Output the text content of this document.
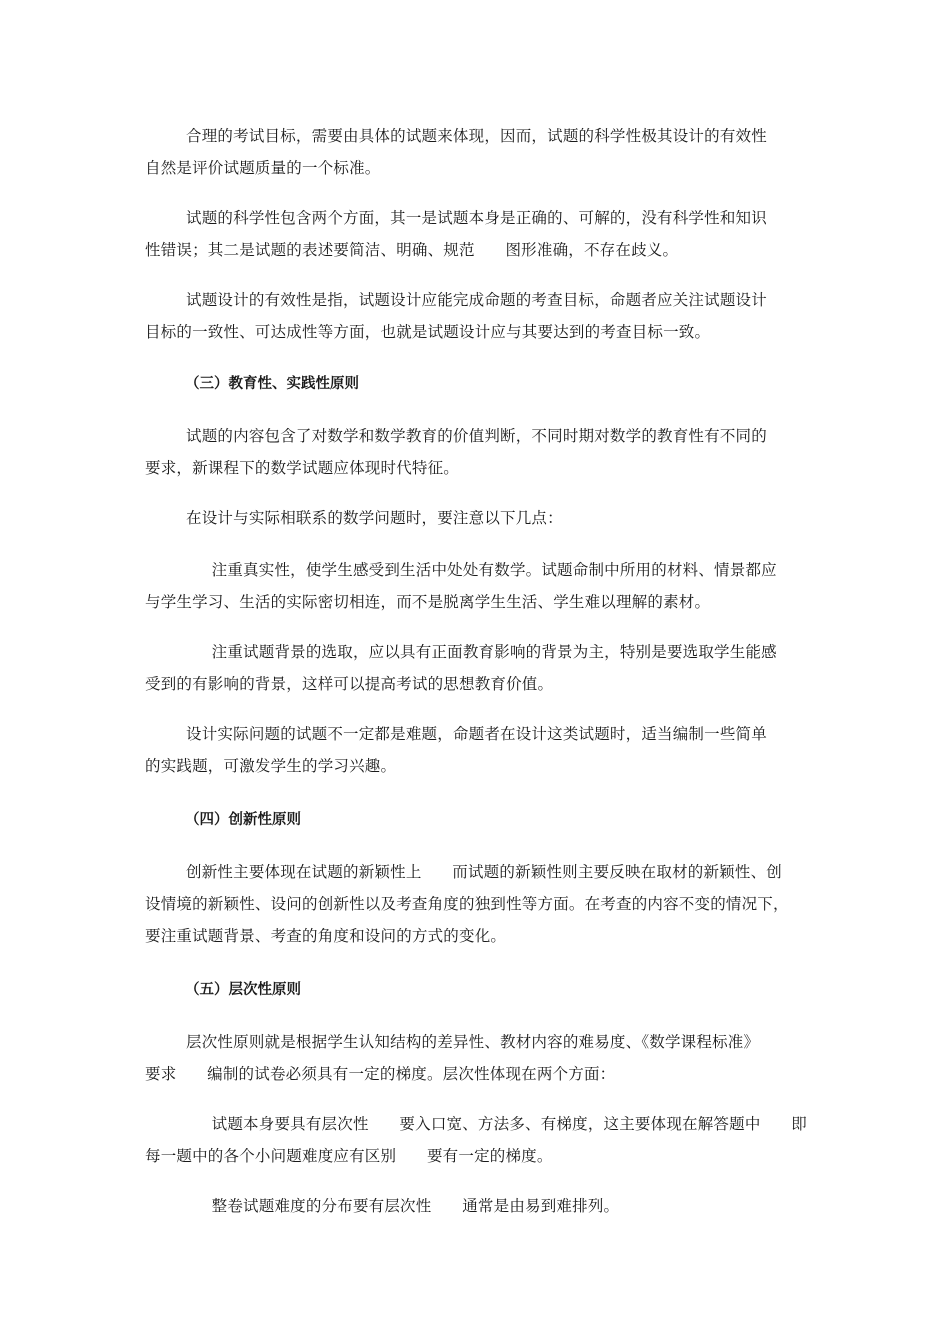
合理的考试目标，需要由具体的试题来体现，因而，试题的科学性极其设计的有效性
自然是评价试题质量的一个标准。

试题的科学性包含两个方面，其一是试题本身是正确的、可解的，没有科学性和知识
性错误；其二是试题的表述要简洁、明确、规范      图形准确，不存在歧义。

试题设计的有效性是指，试题设计应能完成命题的考查目标，命题者应关注试题设计
目标的一致性、可达成性等方面，也就是试题设计应与其要达到的考查目标一致。

（三）教育性、实践性原则

试题的内容包含了对数学和数学教育的价值判断，不同时期对数学的教育性有不同的
要求，新课程下的数学试题应体现时代特征。

在设计与实际相联系的数学问题时，要注意以下几点：

注重真实性，使学生感受到生活中处处有数学。试题命制中所用的材料、情景都应
与学生学习、生活的实际密切相连，而不是脱离学生生活、学生难以理解的素材。

注重试题背景的选取，应以具有正面教育影响的背景为主，特别是要选取学生能感
受到的有影响的背景，这样可以提高考试的思想教育价值。

设计实际问题的试题不一定都是难题，命题者在设计这类试题时，适当编制一些简单
的实践题，可激发学生的学习兴趣。

（四）创新性原则

创新性主要体现在试题的新颖性上      而试题的新颖性则主要反映在取材的新颖性、创
设情境的新颖性、设问的创新性以及考查角度的独到性等方面。在考查的内容不变的情况下，
要注重试题背景、考查的角度和设问的方式的变化。

（五）层次性原则

层次性原则就是根据学生认知结构的差异性、教材内容的难易度、《数学课程标准》
要求      编制的试卷必须具有一定的梯度。层次性体现在两个方面：

试题本身要具有层次性      要入口宽、方法多、有梯度，这主要体现在解答题中      即
每一题中的各个小问题难度应有区别      要有一定的梯度。

整卷试题难度的分布要有层次性      通常是由易到难排列。
